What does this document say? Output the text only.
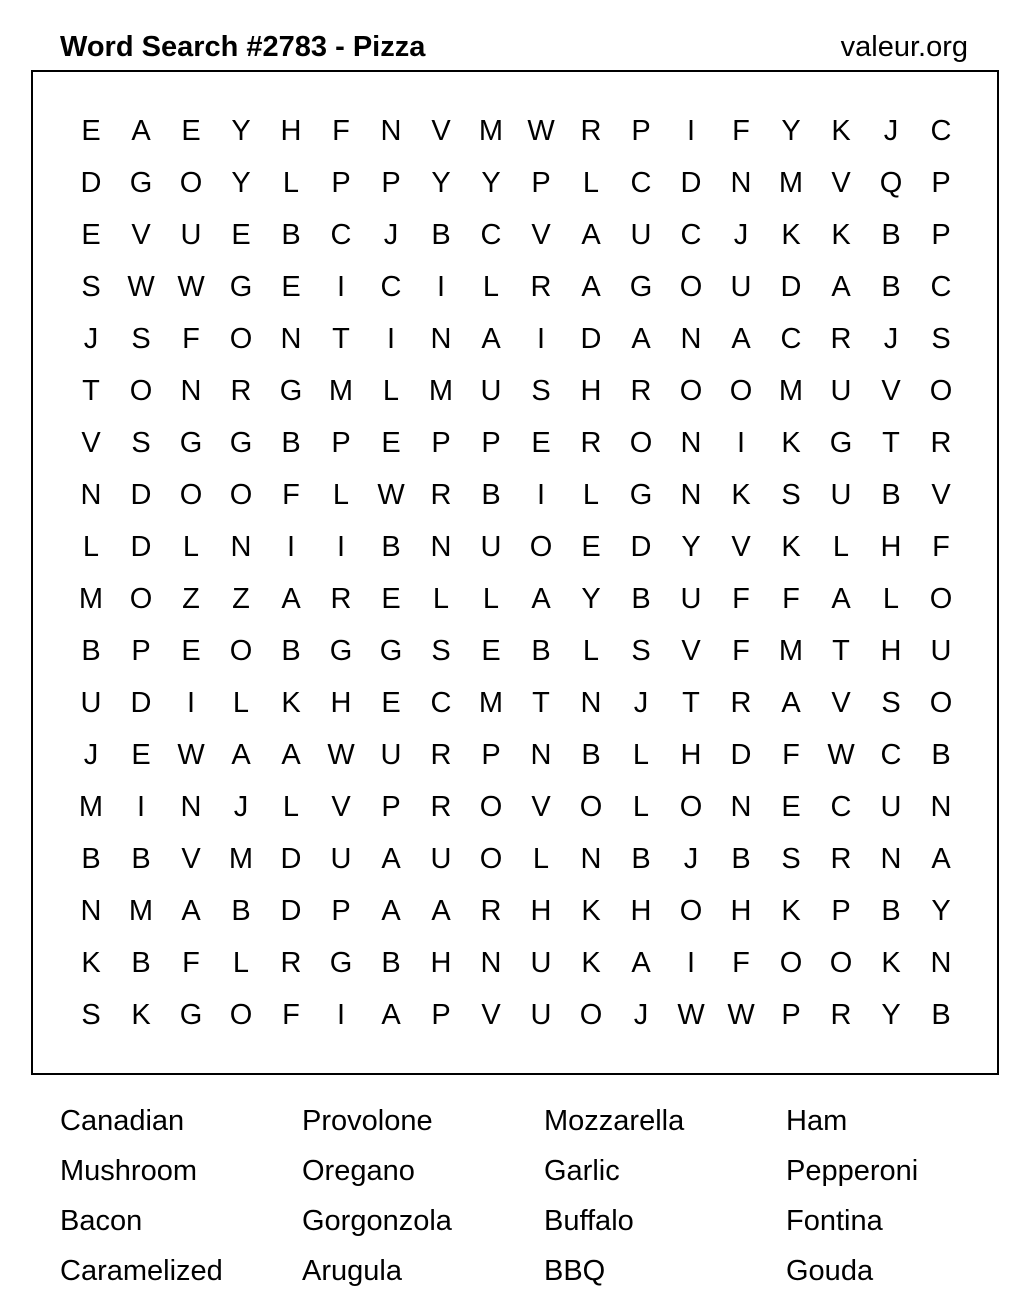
Word Search #2783 - Pizza	valeur.org
E	A	E	Y	H	F	N	V M W R	P	I	F	Y	K	J	C
D G O	Y	L	P	P	Y	Y	P	L	C	D	N M V	Q	P
E	V	U	E	B	C	J	B	C	V	A	U	C	J	K	K	B	P
S W W G	E	I	C	I	L	R	A	G O U	D	A	B	C
J	S	F	O N	T	I	N	A	I	D	A	N	A	C	R	J	S
T	O N	R G M	L	M U	S	H	R O O M U	V	O
V	S	G G	B	P	E	P	P	E	R O N	I	K	G	T	R
N	D O O	F	L W R	B	I	L	G N	K	S	U	B	V
L	D	L	N	I	I	B	N	U O	E	D	Y	V	K	L	H	F
M O	Z	Z	A	R	E	L	L	A	Y	B	U	F	F	A	L	O
B	P	E	O	B	G G	S	E	B	L	S	V	F	M	T	H	U
U	D	I	L	K	H	E	C M	T	N	J	T	R	A	V	S	O
J	E W A	A W U	R	P	N	B	L	H	D	F W C	B
M	I	N	J	L	V	P	R O	V	O	L	O N	E	C	U	N
B	B	V M D	U	A	U O	L	N	B	J	B	S	R	N	A
N M A	B	D	P	A	A	R	H	K	H O H	K	P	B	Y
K	B	F	L	R G	B	H	N	U	K	A	I	F	O O	K	N
S	K	G O	F	I	A	P	V	U O	J	W W P	R	Y	B
Canadian	Provolone	Mozzarella	Ham
Mushroom	Oregano	Garlic	Pepperoni
Bacon	Gorgonzola	Buffalo	Fontina
Caramelized	Arugula	BBQ	Gouda
